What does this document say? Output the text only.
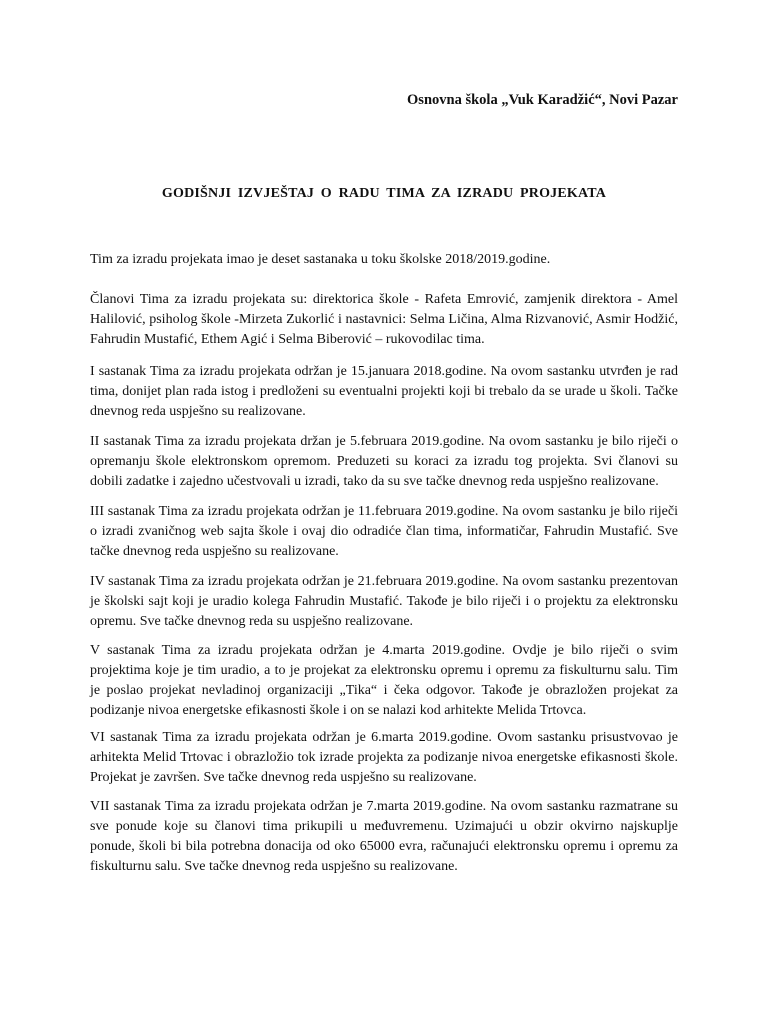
Osnovna škola „Vuk Karadžić“, Novi Pazar
GODIŠNJI IZVJEŠTAJ O RADU TIMA ZA IZRADU PROJEKATA

Tim za izradu projekata imao je deset sastanaka u toku školske 2018/2019.godine.

Članovi Tima za izradu projekata su: direktorica škole - Rafeta Emrović, zamjenik direktora - Amel Halilović, psiholog škole -Mirzeta Zukorlić i nastavnici: Selma Ličina, Alma Rizvanović, Asmir Hodžić, Fahrudin Mustafić, Ethem Agić i Selma Biberović – rukovodilac tima.

I sastanak Tima za izradu projekata održan je 15.januara 2018.godine. Na ovom sastanku utvrđen je rad tima, donijet plan rada istog i predloženi su eventualni projekti koji bi trebalo da se urade u školi. Tačke dnevnog reda uspješno su realizovane.

II sastanak Tima za izradu projekata držan je 5.februara 2019.godine. Na ovom sastanku je bilo riječi o opremanju škole elektronskom opremom. Preduzeti su koraci za izradu tog projekta. Svi članovi su dobili zadatke i zajedno učestvovali u izradi, tako da su sve tačke dnevnog reda uspješno realizovane.

III sastanak Tima za izradu projekata održan je 11.februara 2019.godine. Na ovom sastanku je bilo riječi o izradi zvaničnog web sajta škole i ovaj dio odradiće član tima, informatičar, Fahrudin Mustafić. Sve tačke dnevnog reda uspješno su realizovane.

IV sastanak Tima za izradu projekata održan je 21.februara 2019.godine. Na ovom sastanku prezentovan je školski sajt koji je uradio kolega Fahrudin Mustafić. Takođe je bilo riječi i o projektu za elektronsku opremu. Sve tačke dnevnog reda su uspješno realizovane.

V sastanak Tima za izradu projekata održan je 4.marta 2019.godine. Ovdje je bilo riječi o svim projektima koje je tim uradio, a to je projekat za elektronsku opremu i opremu za fiskulturnu salu. Tim je poslao projekat nevladinoj organizaciji „Tika“ i čeka odgovor. Takođe je obrazložen projekat za podizanje nivoa energetske efikasnosti škole i on se nalazi kod arhitekte Melida Trtovca.

VI sastanak Tima za izradu projekata održan je 6.marta 2019.godine. Ovom sastanku prisustvovao je arhitekta Melid Trtovac i obrazložio tok izrade projekta za podizanje nivoa energetske efikasnosti škole. Projekat je završen. Sve tačke dnevnog reda uspješno su realizovane.

VII sastanak Tima za izradu projekata održan je 7.marta 2019.godine. Na ovom sastanku razmatrane su sve ponude koje su članovi tima prikupili u međuvremenu. Uzimajući u obzir okvirno najskuplje ponude, školi bi bila potrebna donacija od oko 65000 evra, računajući elektronsku opremu i opremu za fiskulturnu salu. Sve tačke dnevnog reda uspješno su realizovane.
